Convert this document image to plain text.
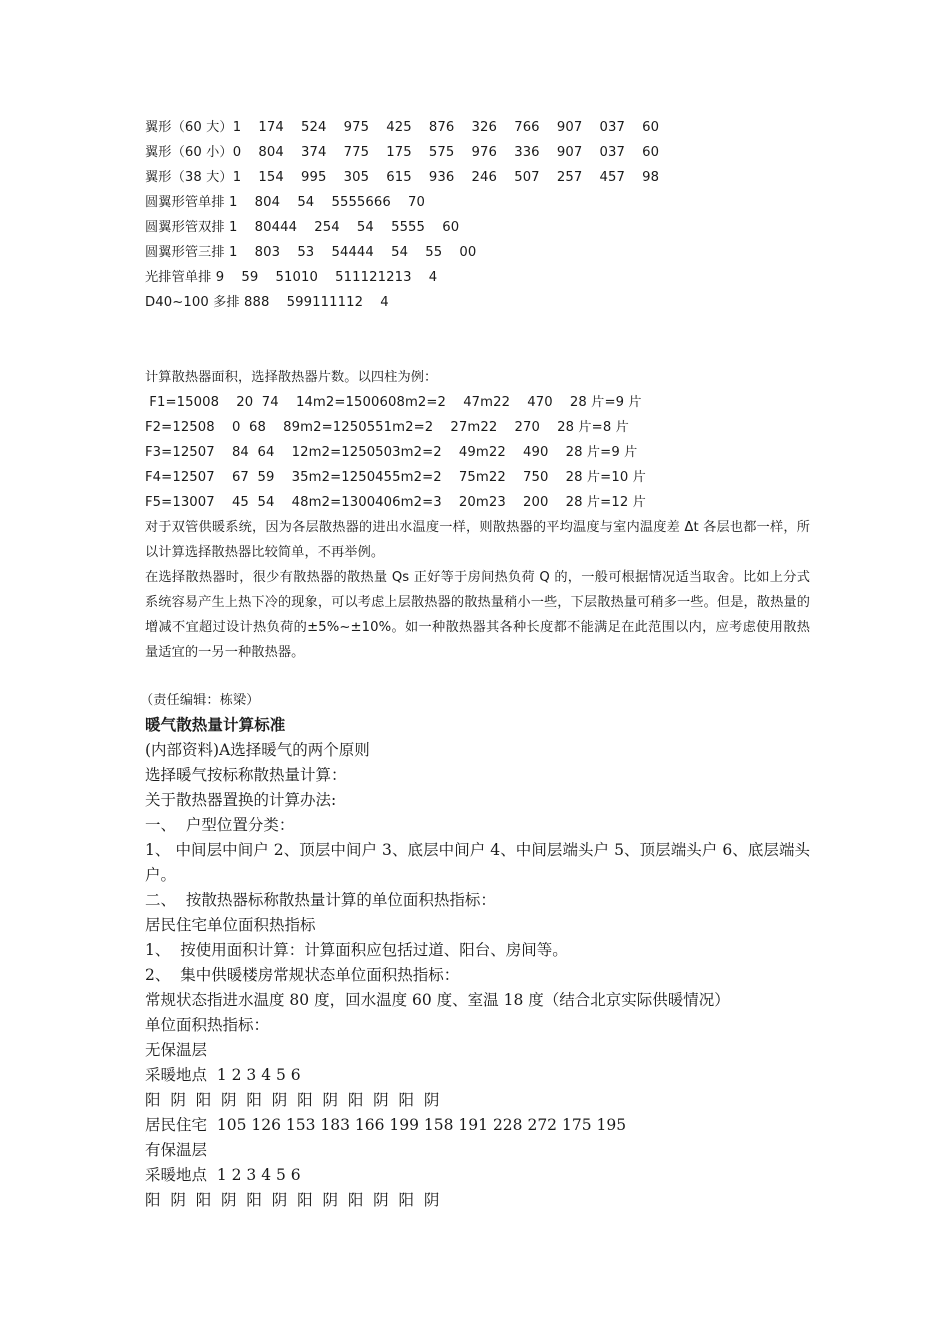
翼形（60 大）1    174    524    975    425    876    326    766    907    037    60
翼形（60 小）0    804    374    775    175    575    976    336    907    037    60
翼形（38 大）1    154    995    305    615    936    246    507    257    457    98
圆翼形管单排 1    804    54    5555666    70
圆翼形管双排 1    80444    254    54    5555    60
圆翼形管三排 1    803    53    54444    54    55    00
光排管单排 9    59    51010    511121213    4
D40~100 多排 888    599111112    4
计算散热器面积，选择散热器片数。以四柱为例：
F1=15008    20  74    14m2=1500608m2=2    47m22    470    28 片=9 片
F2=12508    0  68    89m2=1250551m2=2    27m22    270    28 片=8 片
F3=12507    84  64    12m2=1250503m2=2    49m22    490    28 片=9 片
F4=12507    67  59    35m2=1250455m2=2    75m22    750    28 片=10 片
F5=13007    45  54    48m2=1300406m2=3    20m23    200    28 片=12 片
对于双管供暖系统，因为各层散热器的进出水温度一样，则散热器的平均温度与室内温度差 Δt 各层也都一样，所以计算选择散热器比较简单，不再举例。
在选择散热器时，很少有散热器的散热量 Qs 正好等于房间热负荷 Q 的，一般可根据情况适当取舍。比如上分式系统容易产生上热下冷的现象，可以考虑上层散热器的散热量稍小一些，下层散热量可稍多一些。但是，散热量的增减不宜超过设计热负荷的±5%~±10%。如一种散热器其各种长度都不能满足在此范围以内，应考虑使用散热量适宜的一另一种散热器。
（责任编辑：栋梁）
暖气散热量计算标准
(内部资料)A选择暖气的两个原则
选择暖气按标称散热量计算：
关于散热器置换的计算办法:
一、  户型位置分类：
1、 中间层中间户 2、顶层中间户 3、底层中间户 4、中间层端头户 5、顶层端头户 6、底层端头户。
二、  按散热器标称散热量计算的单位面积热指标：
居民住宅单位面积热指标
1、  按使用面积计算：计算面积应包括过道、阳台、房间等。
2、  集中供暖楼房常规状态单位面积热指标：
常规状态指进水温度 80 度，回水温度 60 度、室温 18 度（结合北京实际供暖情况）
单位面积热指标：
无保温层
采暖地点  1 2 3 4 5 6
阳  阴  阳  阴  阳  阴  阳  阴  阳  阴  阳  阴
居民住宅  105 126 153 183 166 199 158 191 228 272 175 195
有保温层
采暖地点  1 2 3 4 5 6
阳  阴  阳  阴  阳  阴  阳  阴  阳  阴  阳  阴
